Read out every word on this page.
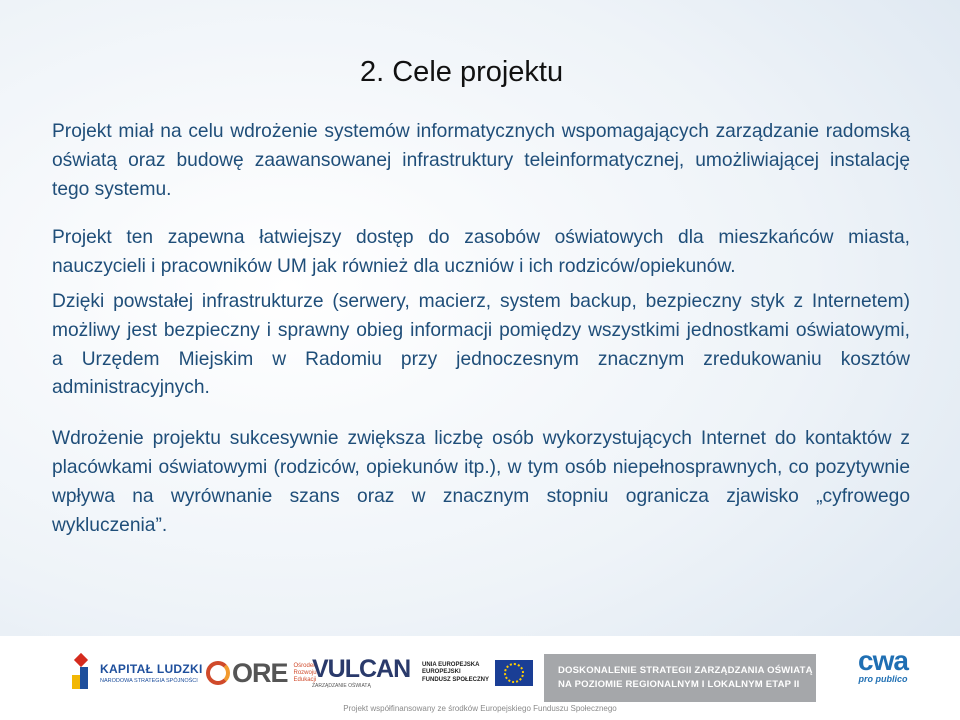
2. Cele projektu

Projekt miał na celu wdrożenie systemów informatycznych wspomagających zarządzanie radomską oświatą oraz budowę zaawansowanej infrastruktury teleinformatycznej, umożliwiającej instalację tego systemu.

Projekt ten zapewna łatwiejszy dostęp do zasobów oświatowych dla mieszkańców miasta, nauczycieli i pracowników UM jak również dla uczniów i ich rodziców/opiekunów.

Dzięki powstałej infrastrukturze (serwery, macierz, system backup, bezpieczny styk z Internetem) możliwy jest bezpieczny i sprawny obieg informacji pomiędzy wszystkimi jednostkami oświatowymi, a Urzędem Miejskim w Radomiu przy jednoczesnym znacznym zredukowaniu kosztów administracyjnych.

Wdrożenie projektu sukcesywnie zwiększa liczbę osób wykorzystujących Internet do kontaktów z placówkami oświatowymi (rodziców, opiekunów itp.), w tym osób niepełnosprawnych, co pozytywnie wpływa na wyrównanie szans oraz w znacznym stopniu ogranicza zjawisko „cyfrowego wykluczenia”.

KAPITAŁ LUDZKI
NARODOWA STRATEGIA SPÓJNOŚCI ORE Ośrodek
Rozwoju
Edukacji
VULCAN
ZARZĄDZANIE OŚWIATĄ
UNIA EUROPEJSKA
EUROPEJSKI
FUNDUSZ SPOŁECZNY
DOSKONALENIE STRATEGII ZARZĄDZANIA OŚWIATĄ
NA POZIOMIE REGIONALNYM I LOKALNYM ETAP II
cwa
pro publico
Projekt współfinansowany ze środków Europejskiego Funduszu Społecznego
